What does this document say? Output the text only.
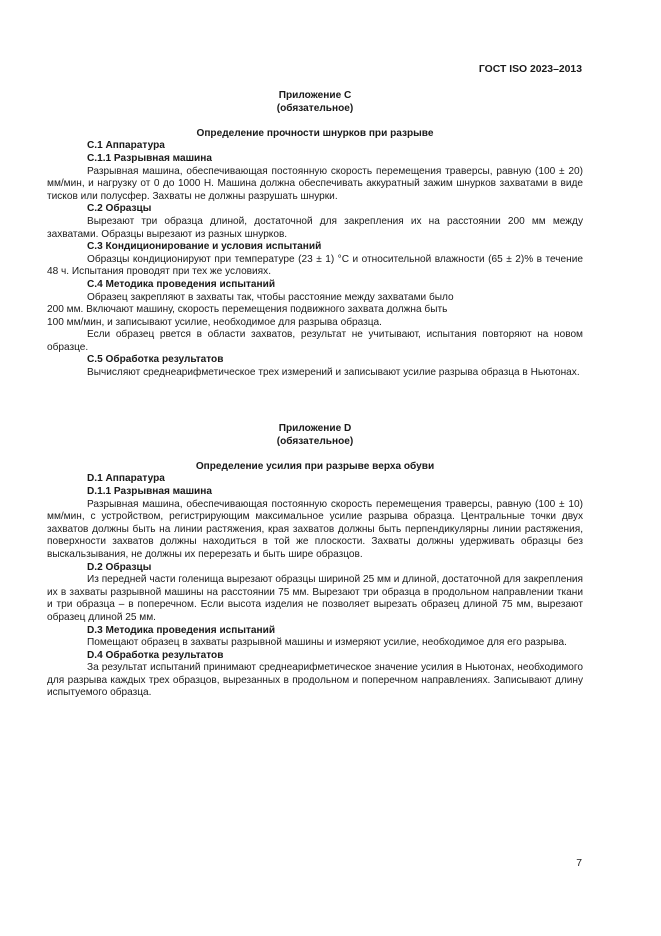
ГОСТ ISO 2023–2013
Приложение С
(обязательное)
Определение прочности шнурков при разрыве
С.1 Аппаратура
С.1.1 Разрывная машина
Разрывная машина, обеспечивающая постоянную скорость перемещения траверсы, равную (100 ± 20) мм/мин, и нагрузку от 0 до 1000 Н. Машина должна обеспечивать аккуратный зажим шнурков захватами в виде тисков или полусфер. Захваты не должны разрушать шнурки.
С.2 Образцы
Вырезают три образца длиной, достаточной для закрепления их на расстоянии 200 мм между захватами. Образцы вырезают из разных шнурков.
С.3 Кондиционирование и условия испытаний
Образцы кондиционируют при температуре (23 ± 1) °С и относительной влажности (65 ± 2)% в течение 48 ч. Испытания проводят при тех же условиях.
С.4 Методика проведения испытаний
Образец закрепляют в захваты так, чтобы расстояние между захватами было
200 мм. Включают машину, скорость перемещения подвижного захвата должна быть
100 мм/мин, и записывают усилие, необходимое для разрыва образца.
Если образец рвется в области захватов, результат не учитывают, испытания повторяют на новом образце.
С.5 Обработка результатов
Вычисляют среднеарифметическое трех измерений и записывают усилие разрыва образца в Ньютонах.
Приложение D
(обязательное)
Определение усилия при разрыве верха обуви
D.1 Аппаратура
D.1.1 Разрывная машина
Разрывная машина, обеспечивающая постоянную скорость перемещения траверсы, равную (100 ± 10) мм/мин, с устройством, регистрирующим максимальное усилие разрыва образца. Центральные точки двух захватов должны быть на линии растяжения, края захватов должны быть перпендикулярны линии растяжения, поверхности захватов должны находиться в той же плоскости. Захваты должны удерживать образцы без выскальзывания, не должны их перерезать и быть шире образцов.
D.2 Образцы
Из передней части голенища вырезают образцы шириной 25 мм и длиной, достаточной для закрепления их в захваты разрывной машины на расстоянии 75 мм. Вырезают три образца в продольном направлении ткани и три образца – в поперечном. Если высота изделия не позволяет вырезать образец длиной 75 мм, вырезают образец длиной 25 мм.
D.3 Методика проведения испытаний
Помещают образец в захваты разрывной машины и измеряют усилие, необходимое для его разрыва.
D.4 Обработка результатов
За результат испытаний принимают среднеарифметическое значение усилия в Ньютонах, необходимого для разрыва каждых трех образцов, вырезанных в продольном и поперечном направлениях. Записывают длину испытуемого образца.
7
